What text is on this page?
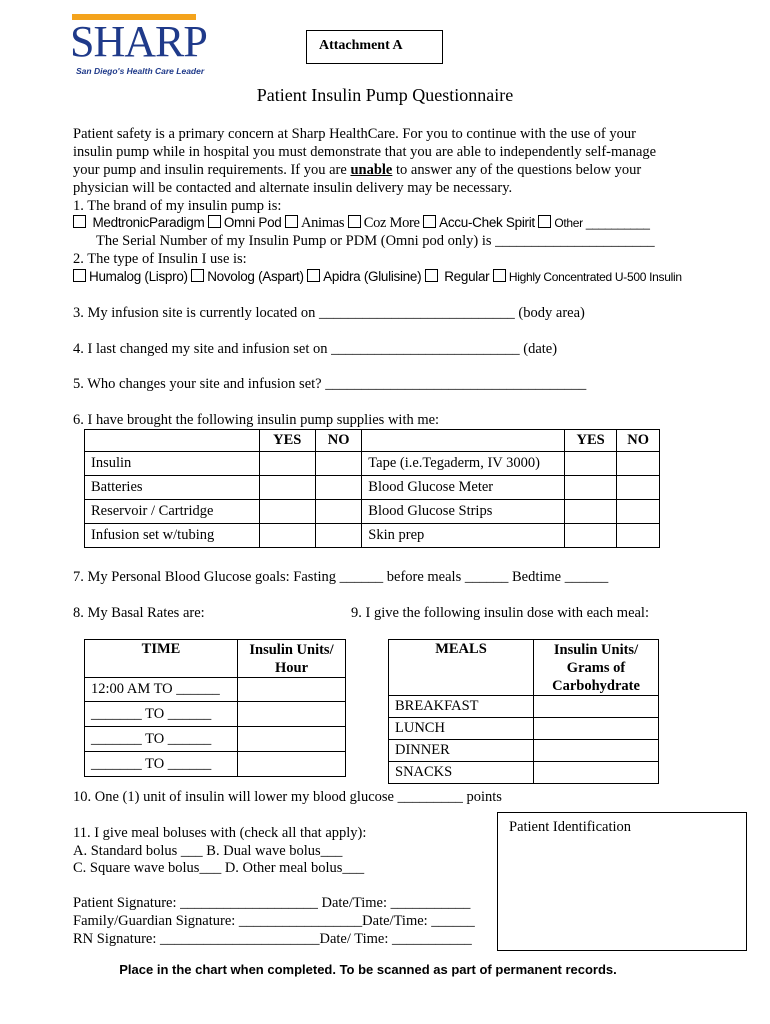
SHARP
San Diego's Health Care Leader
Attachment A
Patient Insulin Pump Questionnaire
Patient safety is a primary concern at Sharp HealthCare. For you to continue with the use of your
insulin pump while in hospital you must demonstrate that you are able to independently self-manage
your pump and insulin requirements. If you are unable to answer any of the questions below your
physician will be contacted and alternate insulin delivery may be necessary.
1. The brand of my insulin pump is:
MedtronicParadigm Omni Pod Animas Coz More Accu-Chek Spirit Other __________
The Serial Number of my Insulin Pump or PDM (Omni pod only) is ______________________
2. The type of Insulin I use is:
Humalog (Lispro) Novolog (Aspart) Apidra (Glulisine) Regular Highly Concentrated U-500 Insulin
3. My infusion site is currently located on ___________________________ (body area)
4. I last changed my site and infusion set on __________________________ (date)
5. Who changes your site and infusion set? ____________________________________
6. I have brought the following insulin pump supplies with me:
	YES	NO		YES	NO
Insulin			Tape (i.e.Tegaderm, IV 3000)		
Batteries			Blood Glucose Meter		
Reservoir / Cartridge			Blood Glucose Strips		
Infusion set w/tubing			Skin prep		
7. My Personal Blood Glucose goals: Fasting ______ before meals ______ Bedtime ______
8. My Basal Rates are:	9. I give the following insulin dose with each meal:
TIME	Insulin Units/
Hour
12:00 AM TO ______	
_______ TO ______	
_______ TO ______	
_______ TO ______	
MEALS	Insulin Units/
Grams of
Carbohydrate
BREAKFAST	
LUNCH	
DINNER	
SNACKS	
10. One (1) unit of insulin will lower my blood glucose _________ points
11. I give meal boluses with (check all that apply):
A. Standard bolus ___ B. Dual wave bolus___
C. Square wave bolus___ D. Other meal bolus___
Patient Signature: ___________________ Date/Time: ___________
Family/Guardian Signature: _________________Date/Time: ______
RN Signature: ______________________Date/ Time: ___________
Patient Identification
Place in the chart when completed. To be scanned as part of permanent records.
